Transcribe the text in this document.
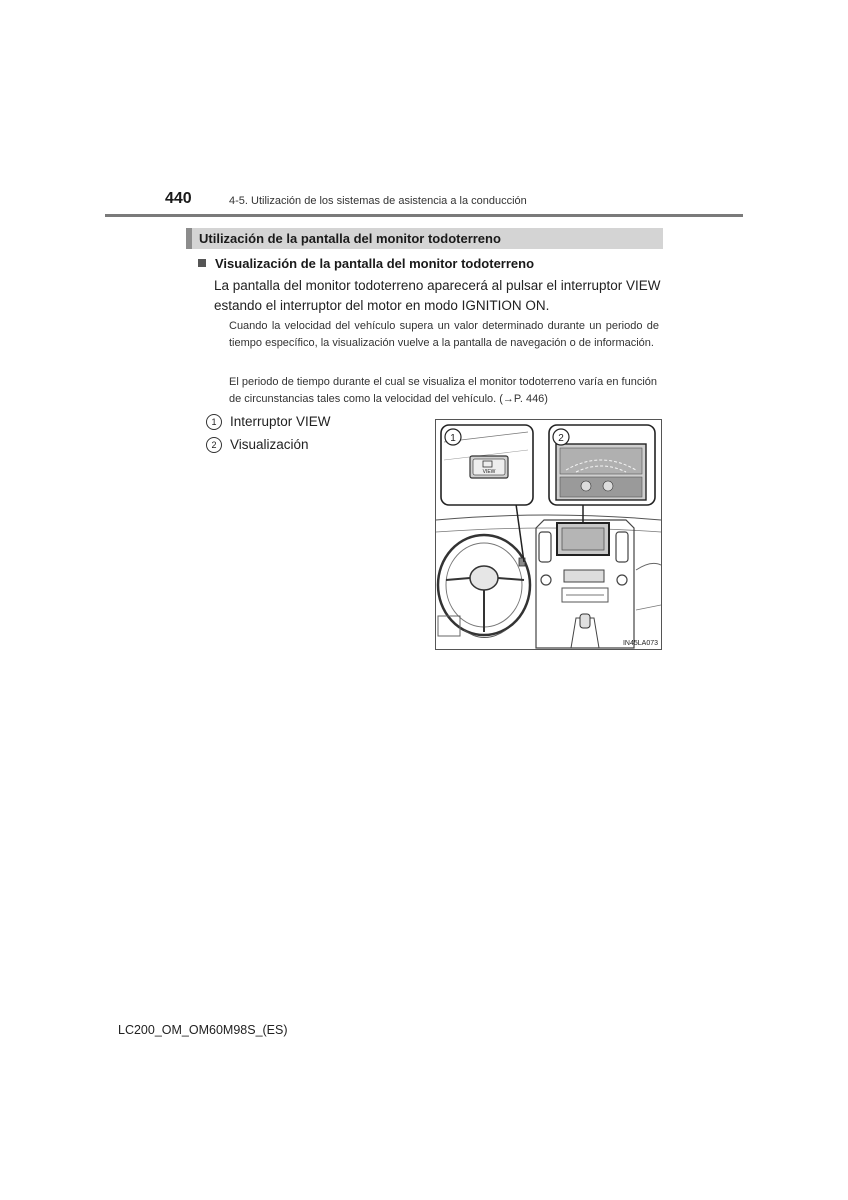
440	4-5. Utilización de los sistemas de asistencia a la conducción
Utilización de la pantalla del monitor todoterreno
Visualización de la pantalla del monitor todoterreno
La pantalla del monitor todoterreno aparecerá al pulsar el interruptor VIEW estando el interruptor del motor en modo IGNITION ON.
Cuando la velocidad del vehículo supera un valor determinado durante un periodo de tiempo específico, la visualización vuelve a la pantalla de navegación o de información.
El periodo de tiempo durante el cual se visualiza el monitor todoterreno varía en función de circunstancias tales como la velocidad del vehículo. (→P. 446)
1 Interruptor VIEW
2 Visualización
VIEW
1	2
IN45LA073
LC200_OM_OM60M98S_(ES)
